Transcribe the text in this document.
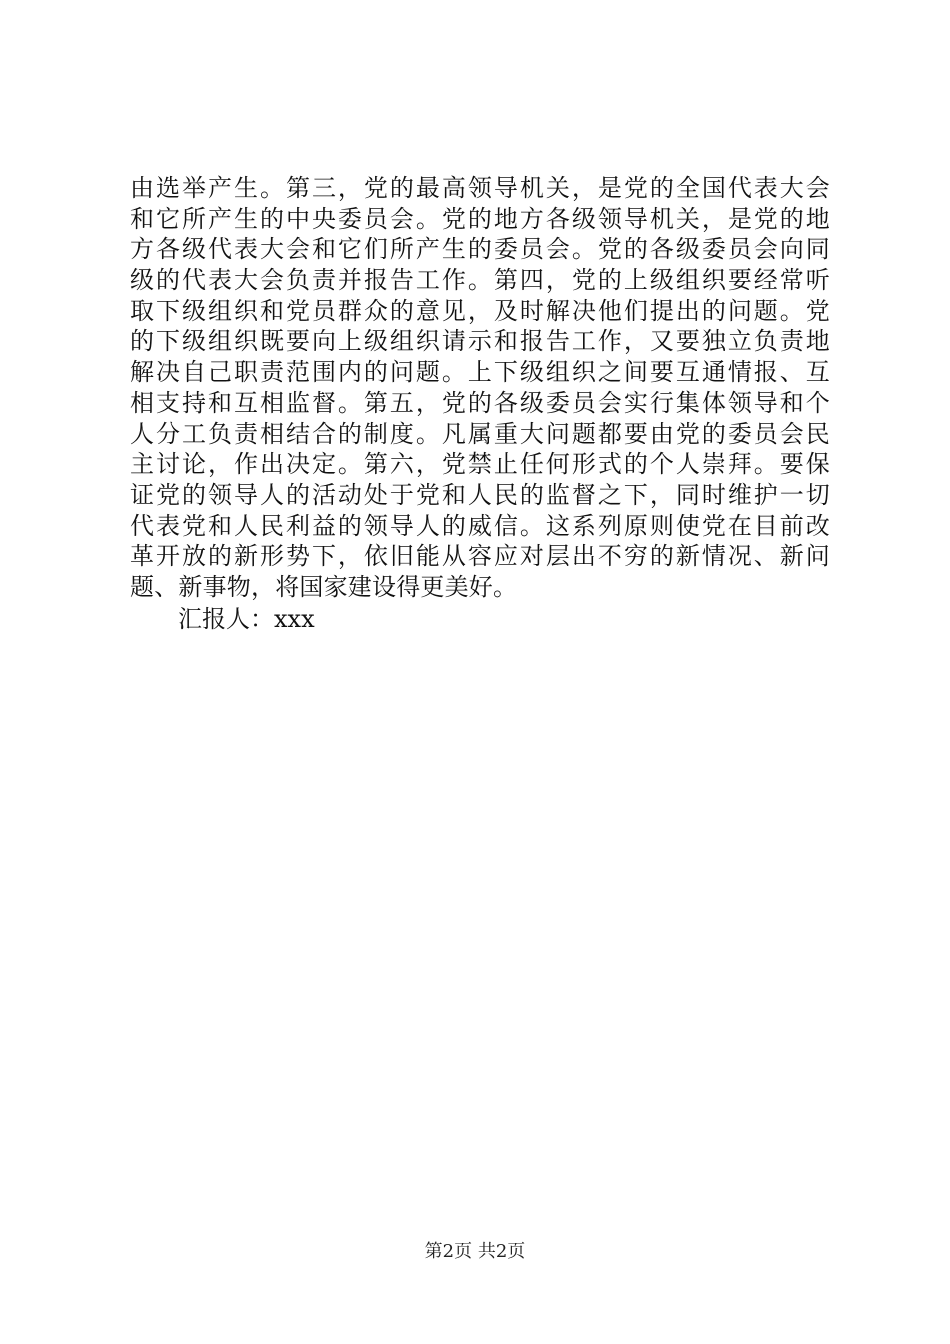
由选举产生。第三，党的最高领导机关，是党的全国代表大会
和它所产生的中央委员会。党的地方各级领导机关，是党的地
方各级代表大会和它们所产生的委员会。党的各级委员会向同
级的代表大会负责并报告工作。第四，党的上级组织要经常听
取下级组织和党员群众的意见，及时解决他们提出的问题。党
的下级组织既要向上级组织请示和报告工作，又要独立负责地
解决自己职责范围内的问题。上下级组织之间要互通情报、互
相支持和互相监督。第五，党的各级委员会实行集体领导和个
人分工负责相结合的制度。凡属重大问题都要由党的委员会民
主讨论，作出决定。第六，党禁止任何形式的个人崇拜。要保
证党的领导人的活动处于党和人民的监督之下，同时维护一切
代表党和人民利益的领导人的威信。这系列原则使党在目前改
革开放的新形势下，依旧能从容应对层出不穷的新情况、新问
题、新事物，将国家建设得更美好。
汇报人：xxx
第2页 共2页
